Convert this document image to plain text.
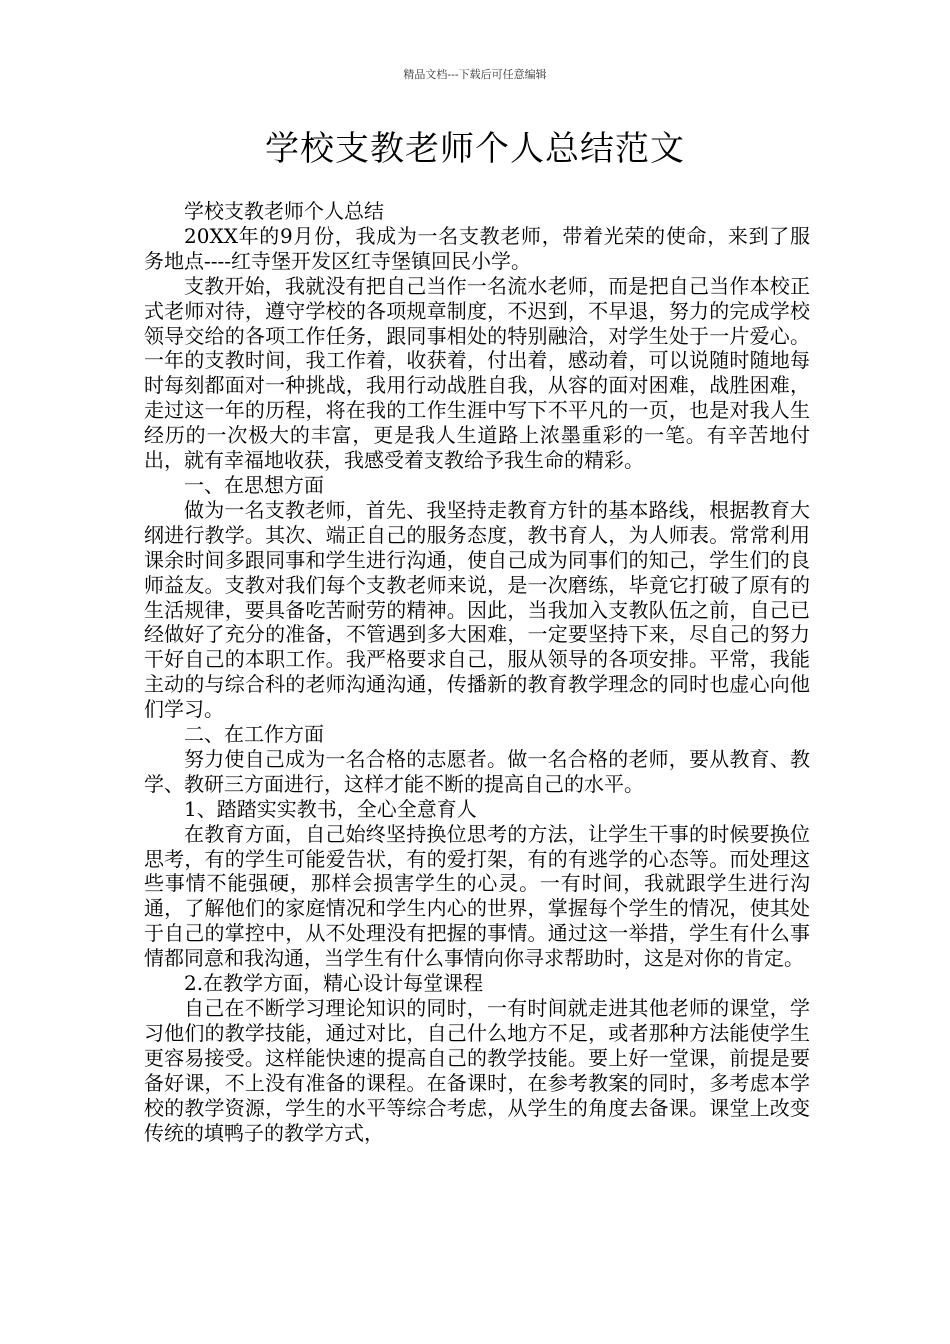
精品文档---下载后可任意编辑
学校支教老师个人总结范文

学校支教老师个人总结

20XX年的9月份，我成为一名支教老师，带着光荣的使命，来到了服务地点----红寺堡开发区红寺堡镇回民小学。

支教开始，我就没有把自己当作一名流水老师，而是把自己当作本校正式老师对待，遵守学校的各项规章制度，不迟到，不早退，努力的完成学校领导交给的各项工作任务，跟同事相处的特别融洽，对学生处于一片爱心。一年的支教时间，我工作着，收获着，付出着，感动着，可以说随时随地每时每刻都面对一种挑战，我用行动战胜自我，从容的面对困难，战胜困难，走过这一年的历程，将在我的工作生涯中写下不平凡的一页，也是对我人生经历的一次极大的丰富，更是我人生道路上浓墨重彩的一笔。有辛苦地付出，就有幸福地收获，我感受着支教给予我生命的精彩。

一、在思想方面

做为一名支教老师，首先、我坚持走教育方针的基本路线，根据教育大纲进行教学。其次、端正自己的服务态度，教书育人，为人师表。常常利用课余时间多跟同事和学生进行沟通，使自己成为同事们的知己，学生们的良师益友。支教对我们每个支教老师来说，是一次磨练，毕竟它打破了原有的生活规律，要具备吃苦耐劳的精神。因此，当我加入支教队伍之前，自己已经做好了充分的准备，不管遇到多大困难，一定要坚持下来，尽自己的努力干好自己的本职工作。我严格要求自己，服从领导的各项安排。平常，我能主动的与综合科的老师沟通沟通，传播新的教育教学理念的同时也虚心向他们学习。

二、在工作方面

努力使自己成为一名合格的志愿者。做一名合格的老师，要从教育、教学、教研三方面进行，这样才能不断的提高自己的水平。

1、踏踏实实教书，全心全意育人

在教育方面，自己始终坚持换位思考的方法，让学生干事的时候要换位思考，有的学生可能爱告状，有的爱打架，有的有逃学的心态等。而处理这些事情不能强硬，那样会损害学生的心灵。一有时间，我就跟学生进行沟通，了解他们的家庭情况和学生内心的世界，掌握每个学生的情况，使其处于自己的掌控中，从不处理没有把握的事情。通过这一举措，学生有什么事情都同意和我沟通，当学生有什么事情向你寻求帮助时，这是对你的肯定。

2.在教学方面，精心设计每堂课程

自己在不断学习理论知识的同时，一有时间就走进其他老师的课堂，学习他们的教学技能，通过对比，自己什么地方不足，或者那种方法能使学生更容易接受。这样能快速的提高自己的教学技能。要上好一堂课，前提是要备好课，不上没有准备的课程。在备课时，在参考教案的同时，多考虑本学校的教学资源，学生的水平等综合考虑，从学生的角度去备课。课堂上改变传统的填鸭子的教学方式，
